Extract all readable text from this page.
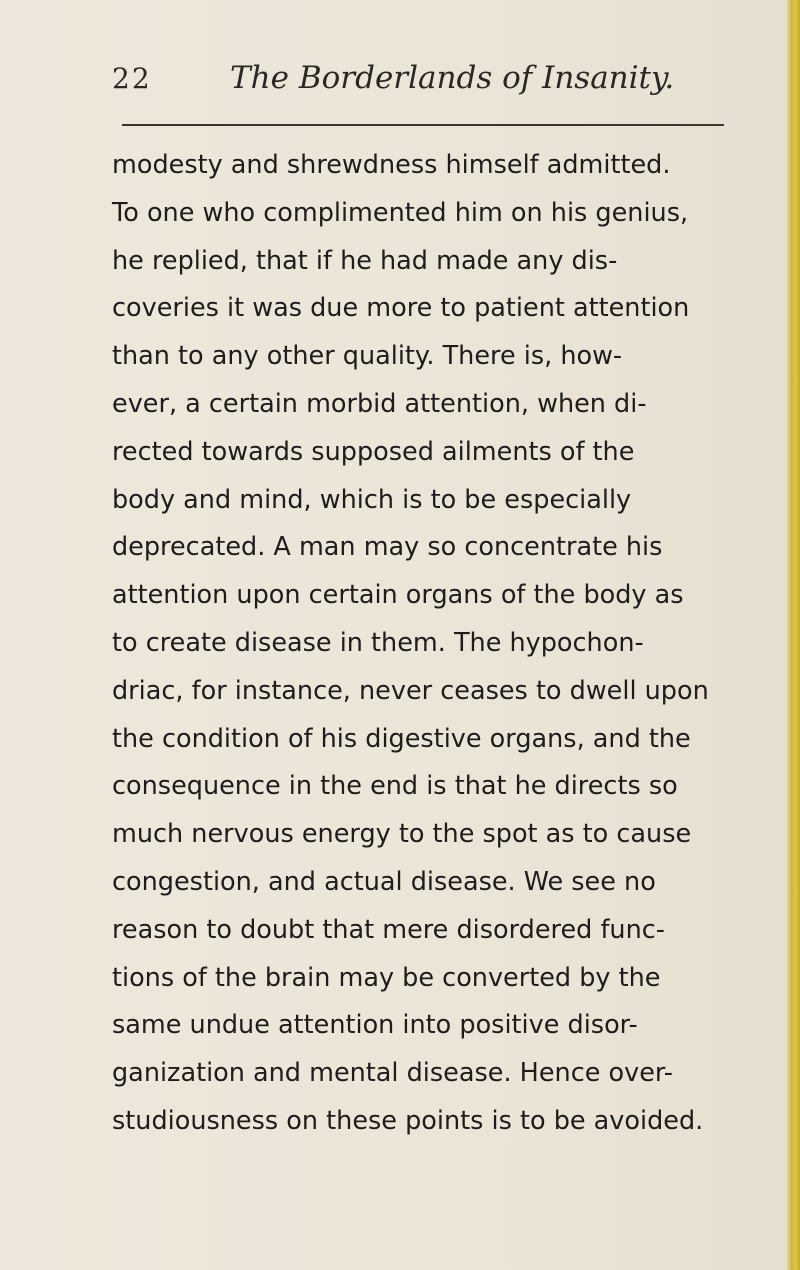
22	The Borderlands of Insanity.
modesty and shrewdness himself admitted.
To one who complimented him on his genius,
he replied, that if he had made any dis-
coveries it was due more to patient attention
than to any other quality. There is, how-
ever, a certain morbid attention, when di-
rected towards supposed ailments of the
body and mind, which is to be especially
deprecated. A man may so concentrate his
attention upon certain organs of the body as
to create disease in them. The hypochon-
driac, for instance, never ceases to dwell upon
the condition of his digestive organs, and the
consequence in the end is that he directs so
much nervous energy to the spot as to cause
congestion, and actual disease. We see no
reason to doubt that mere disordered func-
tions of the brain may be converted by the
same undue attention into positive disor-
ganization and mental disease. Hence over-
studiousness on these points is to be avoided.
